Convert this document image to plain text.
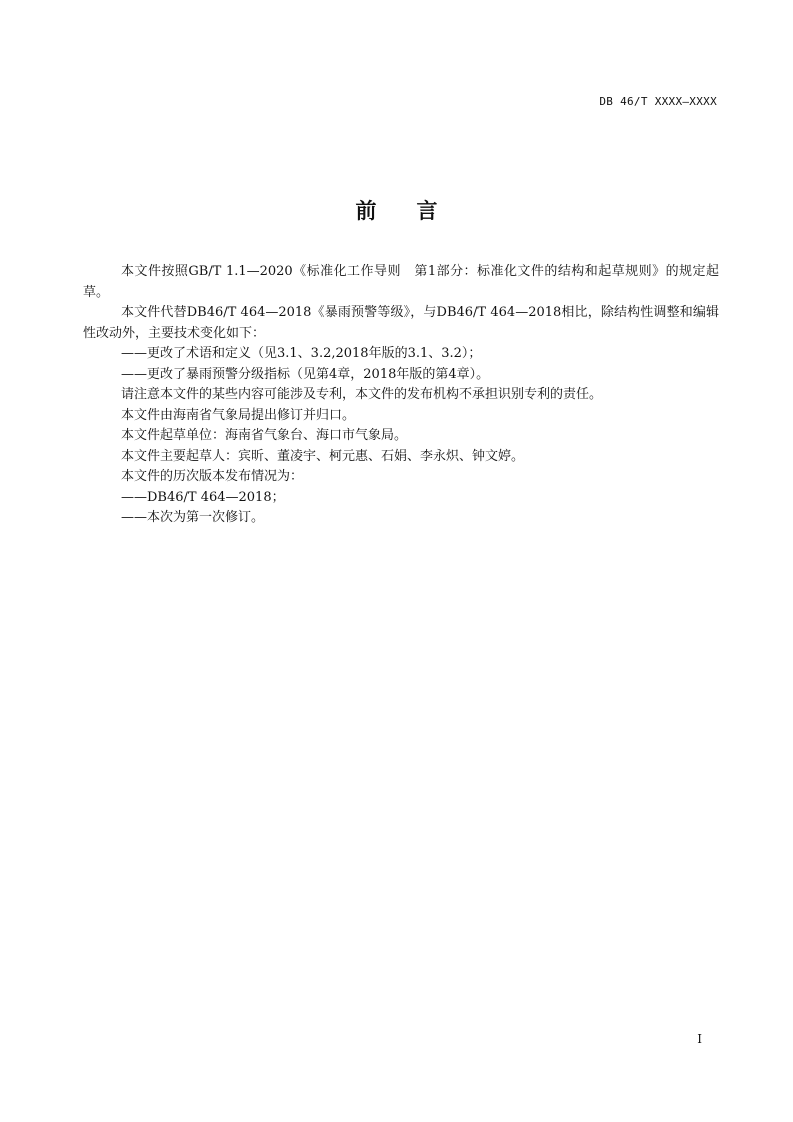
DB 46/T XXXX—XXXX
前 言

本文件按照GB/T 1.1—2020《标准化工作导则　第1部分：标准化文件的结构和起草规则》的规定起草。

本文件代替DB46/T 464—2018《暴雨预警等级》，与DB46/T 464—2018相比，除结构性调整和编辑性改动外，主要技术变化如下：

——更改了术语和定义（见3.1、3.2,2018年版的3.1、3.2）；

——更改了暴雨预警分级指标（见第4章，2018年版的第4章）。

请注意本文件的某些内容可能涉及专利，本文件的发布机构不承担识别专利的责任。

本文件由海南省气象局提出修订并归口。

本文件起草单位：海南省气象台、海口市气象局。

本文件主要起草人：宾昕、董凌宇、柯元惠、石娟、李永炽、钟文婷。

本文件的历次版本发布情况为：

——DB46/T 464—2018；

——本次为第一次修订。

I
